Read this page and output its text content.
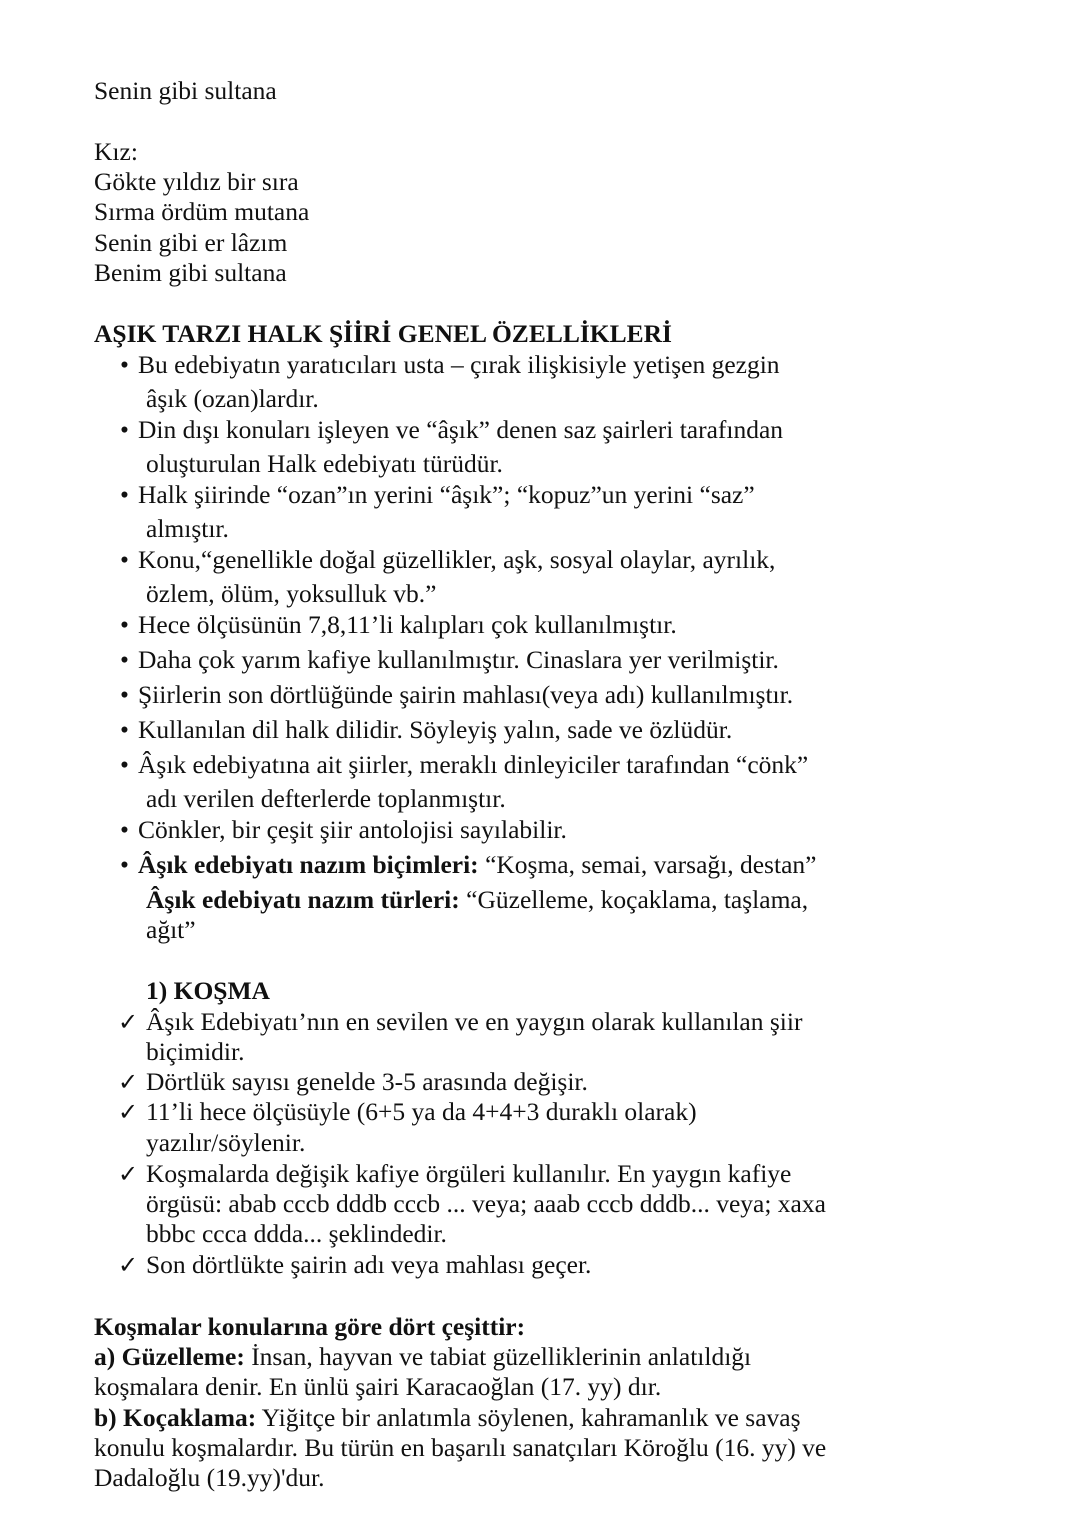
Senin gibi sultana
Kız:
Gökte yıldız bir sıra
Sırma ördüm mutana
Senin gibi er lâzım
Benim gibi sultana
AŞIK TARZI HALK ŞİİRİ GENEL ÖZELLİKLERİ
• Bu edebiyatın yaratıcıları usta – çırak ilişkisiyle yetişen gezgin
âşık (ozan)lardır.
• Din dışı konuları işleyen ve “âşık” denen saz şairleri tarafından
oluşturulan Halk edebiyatı türüdür.
• Halk şiirinde “ozan”ın yerini “âşık”; “kopuz”un yerini “saz”
almıştır.
• Konu,“genellikle doğal güzellikler, aşk, sosyal olaylar, ayrılık,
özlem, ölüm, yoksulluk vb.”
• Hece ölçüsünün 7,8,11’li kalıpları çok kullanılmıştır.
• Daha çok yarım kafiye kullanılmıştır. Cinaslara yer verilmiştir.
• Şiirlerin son dörtlüğünde şairin mahlası(veya adı) kullanılmıştır.
• Kullanılan dil halk dilidir. Söyleyiş yalın, sade ve özlüdür.
• Âşık edebiyatına ait şiirler, meraklı dinleyiciler tarafından “cönk”
adı verilen defterlerde toplanmıştır.
• Cönkler, bir çeşit şiir antolojisi sayılabilir.
• Âşık edebiyatı nazım biçimleri: “Koşma, semai, varsağı, destan”
Âşık edebiyatı nazım türleri: “Güzelleme, koçaklama, taşlama,
ağıt”
1) KOŞMA
✓ Âşık Edebiyatı’nın en sevilen ve en yaygın olarak kullanılan şiir
biçimidir.
✓ Dörtlük sayısı genelde 3-5 arasında değişir.
✓ 11’li hece ölçüsüyle (6+5 ya da 4+4+3 duraklı olarak)
yazılır/söylenir.
✓ Koşmalarda değişik kafiye örgüleri kullanılır. En yaygın kafiye
örgüsü: abab cccb dddb cccb ... veya; aaab cccb dddb... veya; xaxa
bbbc ccca ddda... şeklindedir.
✓ Son dörtlükte şairin adı veya mahlası geçer.
Koşmalar konularına göre dört çeşittir:
a) Güzelleme: İnsan, hayvan ve tabiat güzelliklerinin anlatıldığı
koşmalara denir. En ünlü şairi Karacaoğlan (17. yy) dır.
b) Koçaklama: Yiğitçe bir anlatımla söylenen, kahramanlık ve savaş
konulu koşmalardır. Bu türün en başarılı sanatçıları Köroğlu (16. yy) ve
Dadaloğlu (19.yy)'dur.
